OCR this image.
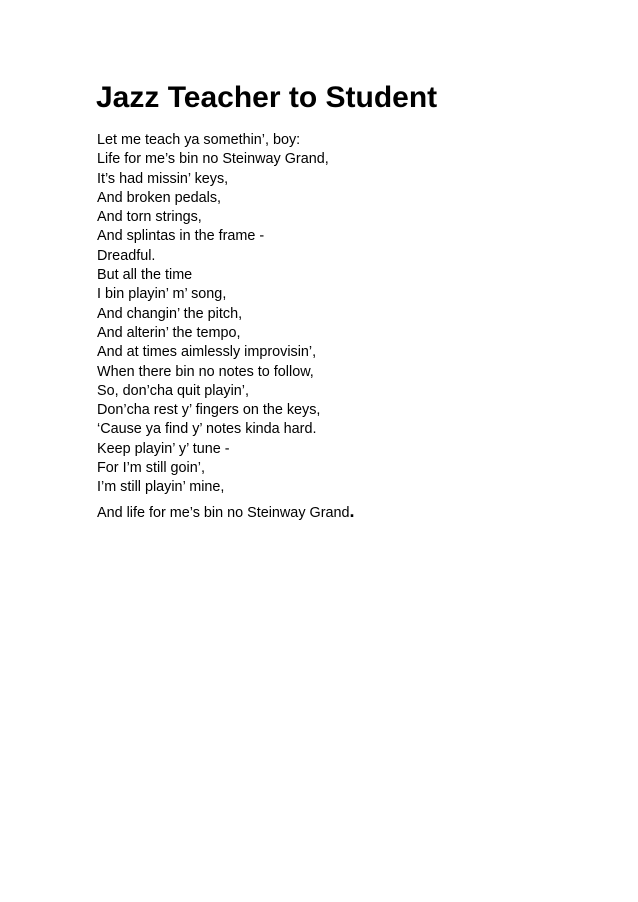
Jazz Teacher to Student
Let me teach ya somethin’, boy:
Life for me’s bin no Steinway Grand,
It’s had missin’ keys,
And broken pedals,
And torn strings,
And splintas in the frame -
Dreadful.
But all the time
I bin playin’ m’ song,
And changin’ the pitch,
And alterin’ the tempo,
And at times aimlessly improvisin’,
When there bin no notes to follow,
So, don’cha quit playin’,
Don’cha rest y’ fingers on the keys,
‘Cause ya find y’ notes kinda hard.
Keep playin’ y’ tune -
For I’m still goin’,
I’m still playin’ mine,
And life for me’s bin no Steinway Grand.
